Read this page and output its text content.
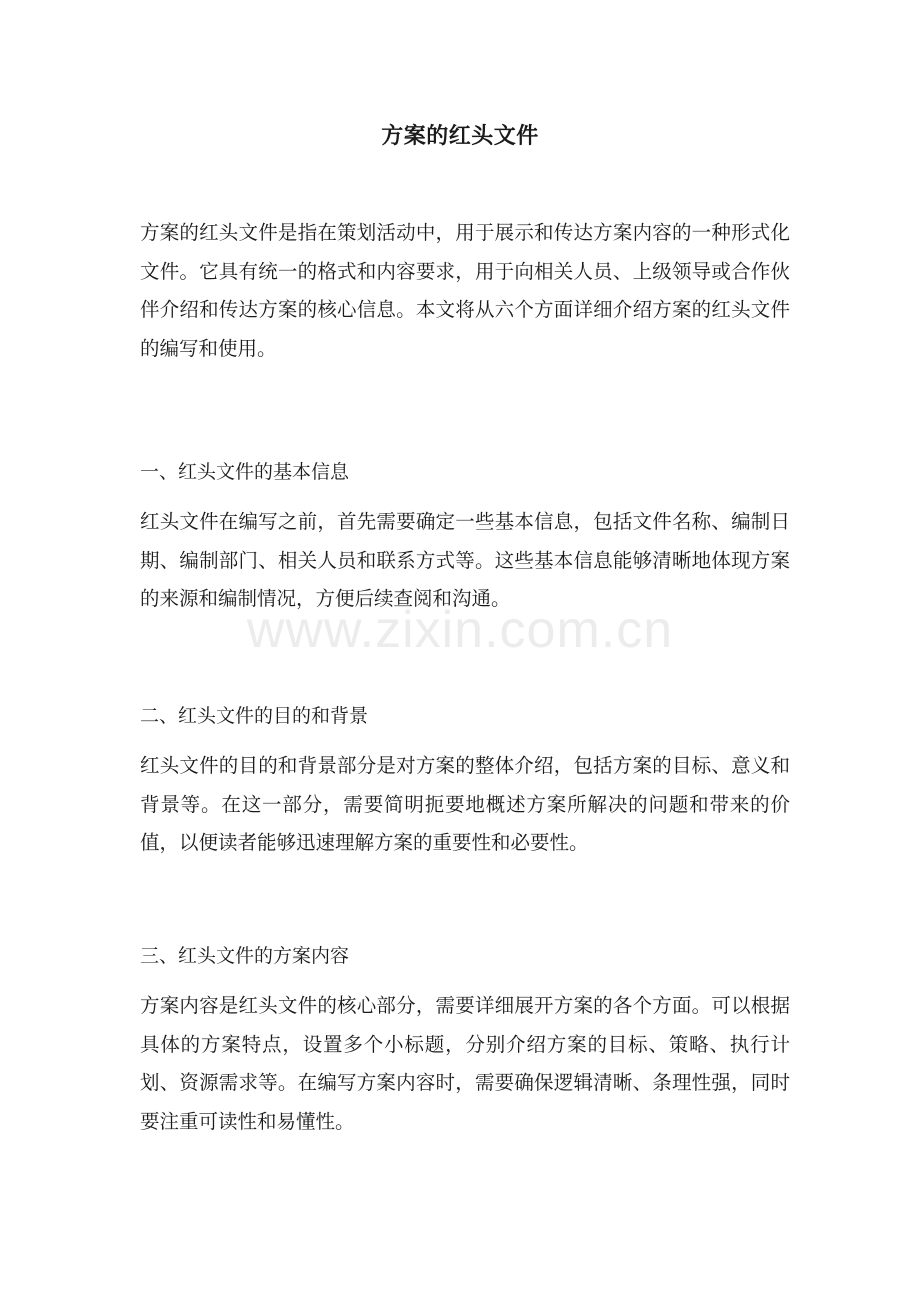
方案的红头文件

方案的红头文件是指在策划活动中，用于展示和传达方案内容的一种形式化文件。它具有统一的格式和内容要求，用于向相关人员、上级领导或合作伙伴介绍和传达方案的核心信息。本文将从六个方面详细介绍方案的红头文件的编写和使用。

一、红头文件的基本信息

红头文件在编写之前，首先需要确定一些基本信息，包括文件名称、编制日期、编制部门、相关人员和联系方式等。这些基本信息能够清晰地体现方案的来源和编制情况，方便后续查阅和沟通。

二、红头文件的目的和背景

红头文件的目的和背景部分是对方案的整体介绍，包括方案的目标、意义和背景等。在这一部分，需要简明扼要地概述方案所解决的问题和带来的价值，以便读者能够迅速理解方案的重要性和必要性。

三、红头文件的方案内容

方案内容是红头文件的核心部分，需要详细展开方案的各个方面。可以根据具体的方案特点，设置多个小标题，分别介绍方案的目标、策略、执行计划、资源需求等。在编写方案内容时，需要确保逻辑清晰、条理性强，同时要注重可读性和易懂性。

www.zixin.com.cn
